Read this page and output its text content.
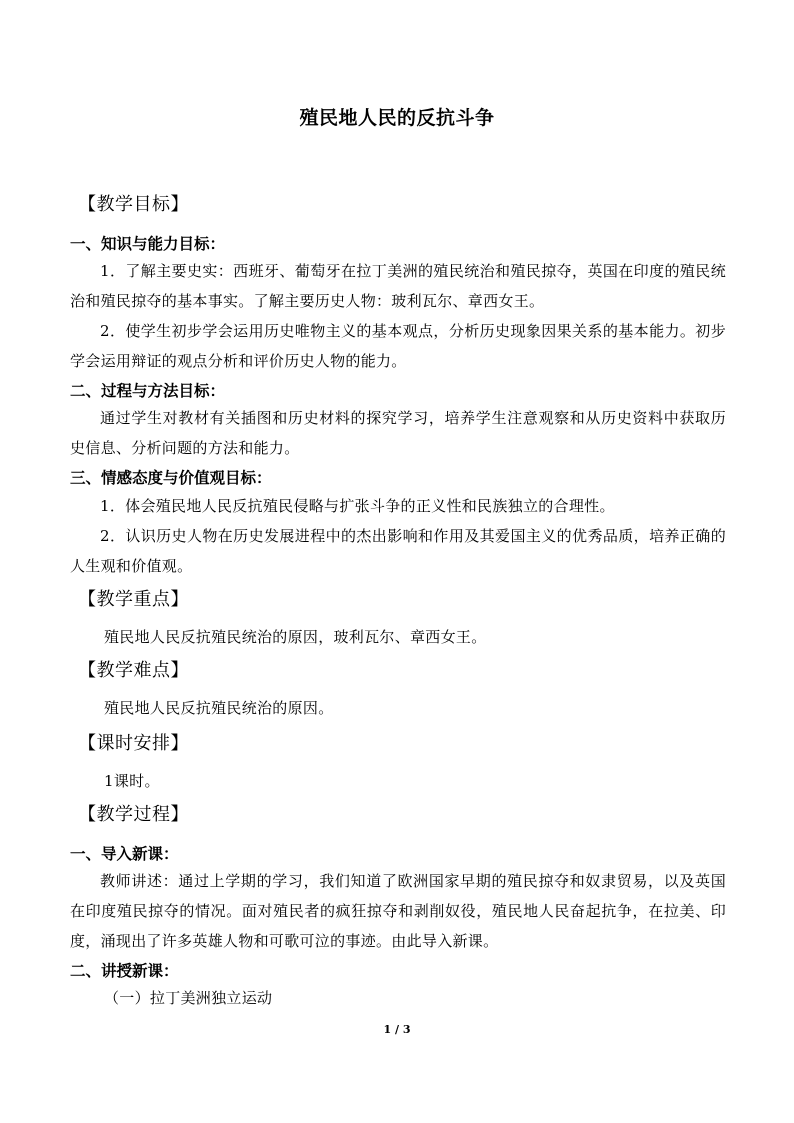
殖民地人民的反抗斗争
【教学目标】
一、知识与能力目标：
1．了解主要史实：西班牙、葡萄牙在拉丁美洲的殖民统治和殖民掠夺，英国在印度的殖民统治和殖民掠夺的基本事实。了解主要历史人物：玻利瓦尔、章西女王。
2．使学生初步学会运用历史唯物主义的基本观点，分析历史现象因果关系的基本能力。初步学会运用辩证的观点分析和评价历史人物的能力。
二、过程与方法目标：
通过学生对教材有关插图和历史材料的探究学习，培养学生注意观察和从历史资料中获取历史信息、分析问题的方法和能力。
三、情感态度与价值观目标：
1．体会殖民地人民反抗殖民侵略与扩张斗争的正义性和民族独立的合理性。
2．认识历史人物在历史发展进程中的杰出影响和作用及其爱国主义的优秀品质，培养正确的人生观和价值观。
【教学重点】
殖民地人民反抗殖民统治的原因，玻利瓦尔、章西女王。
【教学难点】
殖民地人民反抗殖民统治的原因。
【课时安排】
1课时。
【教学过程】
一、导入新课：
教师讲述：通过上学期的学习，我们知道了欧洲国家早期的殖民掠夺和奴隶贸易，以及英国在印度殖民掠夺的情况。面对殖民者的疯狂掠夺和剥削奴役，殖民地人民奋起抗争，在拉美、印度，涌现出了许多英雄人物和可歌可泣的事迹。由此导入新课。
二、讲授新课：
（一）拉丁美洲独立运动
1 / 3
